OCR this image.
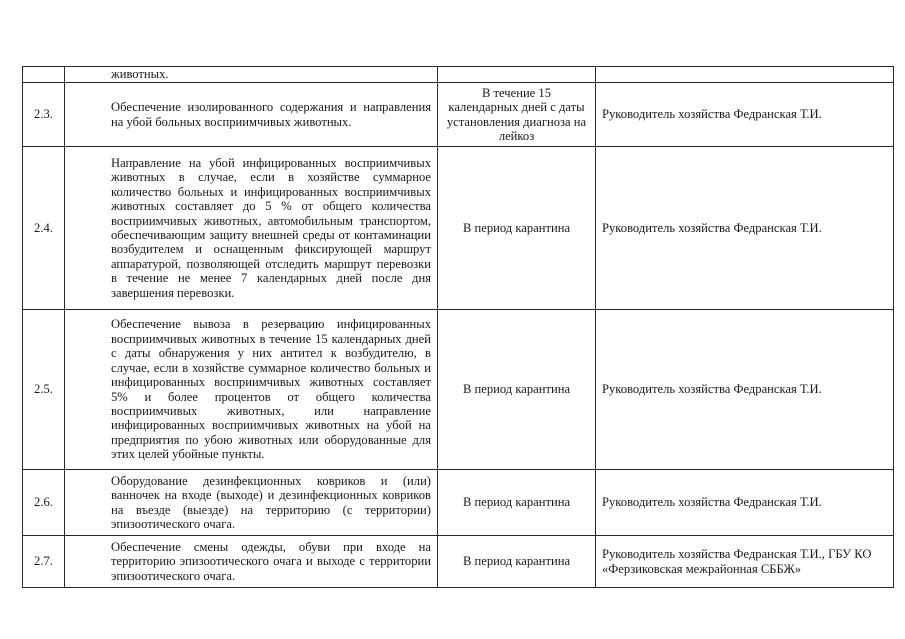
	животных.		
2.3.	Обеспечение изолированного содержания и направления на убой больных восприимчивых животных.	В течение 15 календарных дней с даты установления диагноза на лейкоз	Руководитель хозяйства Федранская Т.И.
2.4.	Направление на убой инфицированных восприимчивых животных в случае, если в хозяйстве суммарное количество больных и инфицированных восприимчивых животных составляет до 5 % от общего количества восприимчивых животных, автомобильным транспортом, обеспечивающим защиту внешней среды от контаминации возбудителем и оснащенным фиксирующей маршрут аппаратурой, позволяющей отследить маршрут перевозки в течение не менее 7 календарных дней после дня завершения перевозки.	В период карантина	Руководитель хозяйства Федранская Т.И.
2.5.	Обеспечение вывоза в резервацию инфицированных восприимчивых животных в течение 15 календарных дней с даты обнаружения у них антител к возбудителю, в случае, если в хозяйстве суммарное количество больных и инфицированных восприимчивых животных составляет 5% и более процентов от общего количества восприимчивых животных, или направление инфицированных восприимчивых животных на убой на предприятия по убою животных или оборудованные для этих целей убойные пункты.	В период карантина	Руководитель хозяйства Федранская Т.И.
2.6.	Оборудование дезинфекционных ковриков и (или) ванночек на входе (выходе) и дезинфекционных ковриков на въезде (выезде) на территорию (с территории) эпизоотического очага.	В период карантина	Руководитель хозяйства Федранская Т.И.
2.7.	Обеспечение смены одежды, обуви при входе на территорию эпизоотического очага и выходе с территории эпизоотического очага.	В период карантина	Руководитель хозяйства Федранская Т.И., ГБУ КО «Ферзиковская межрайонная СББЖ»
